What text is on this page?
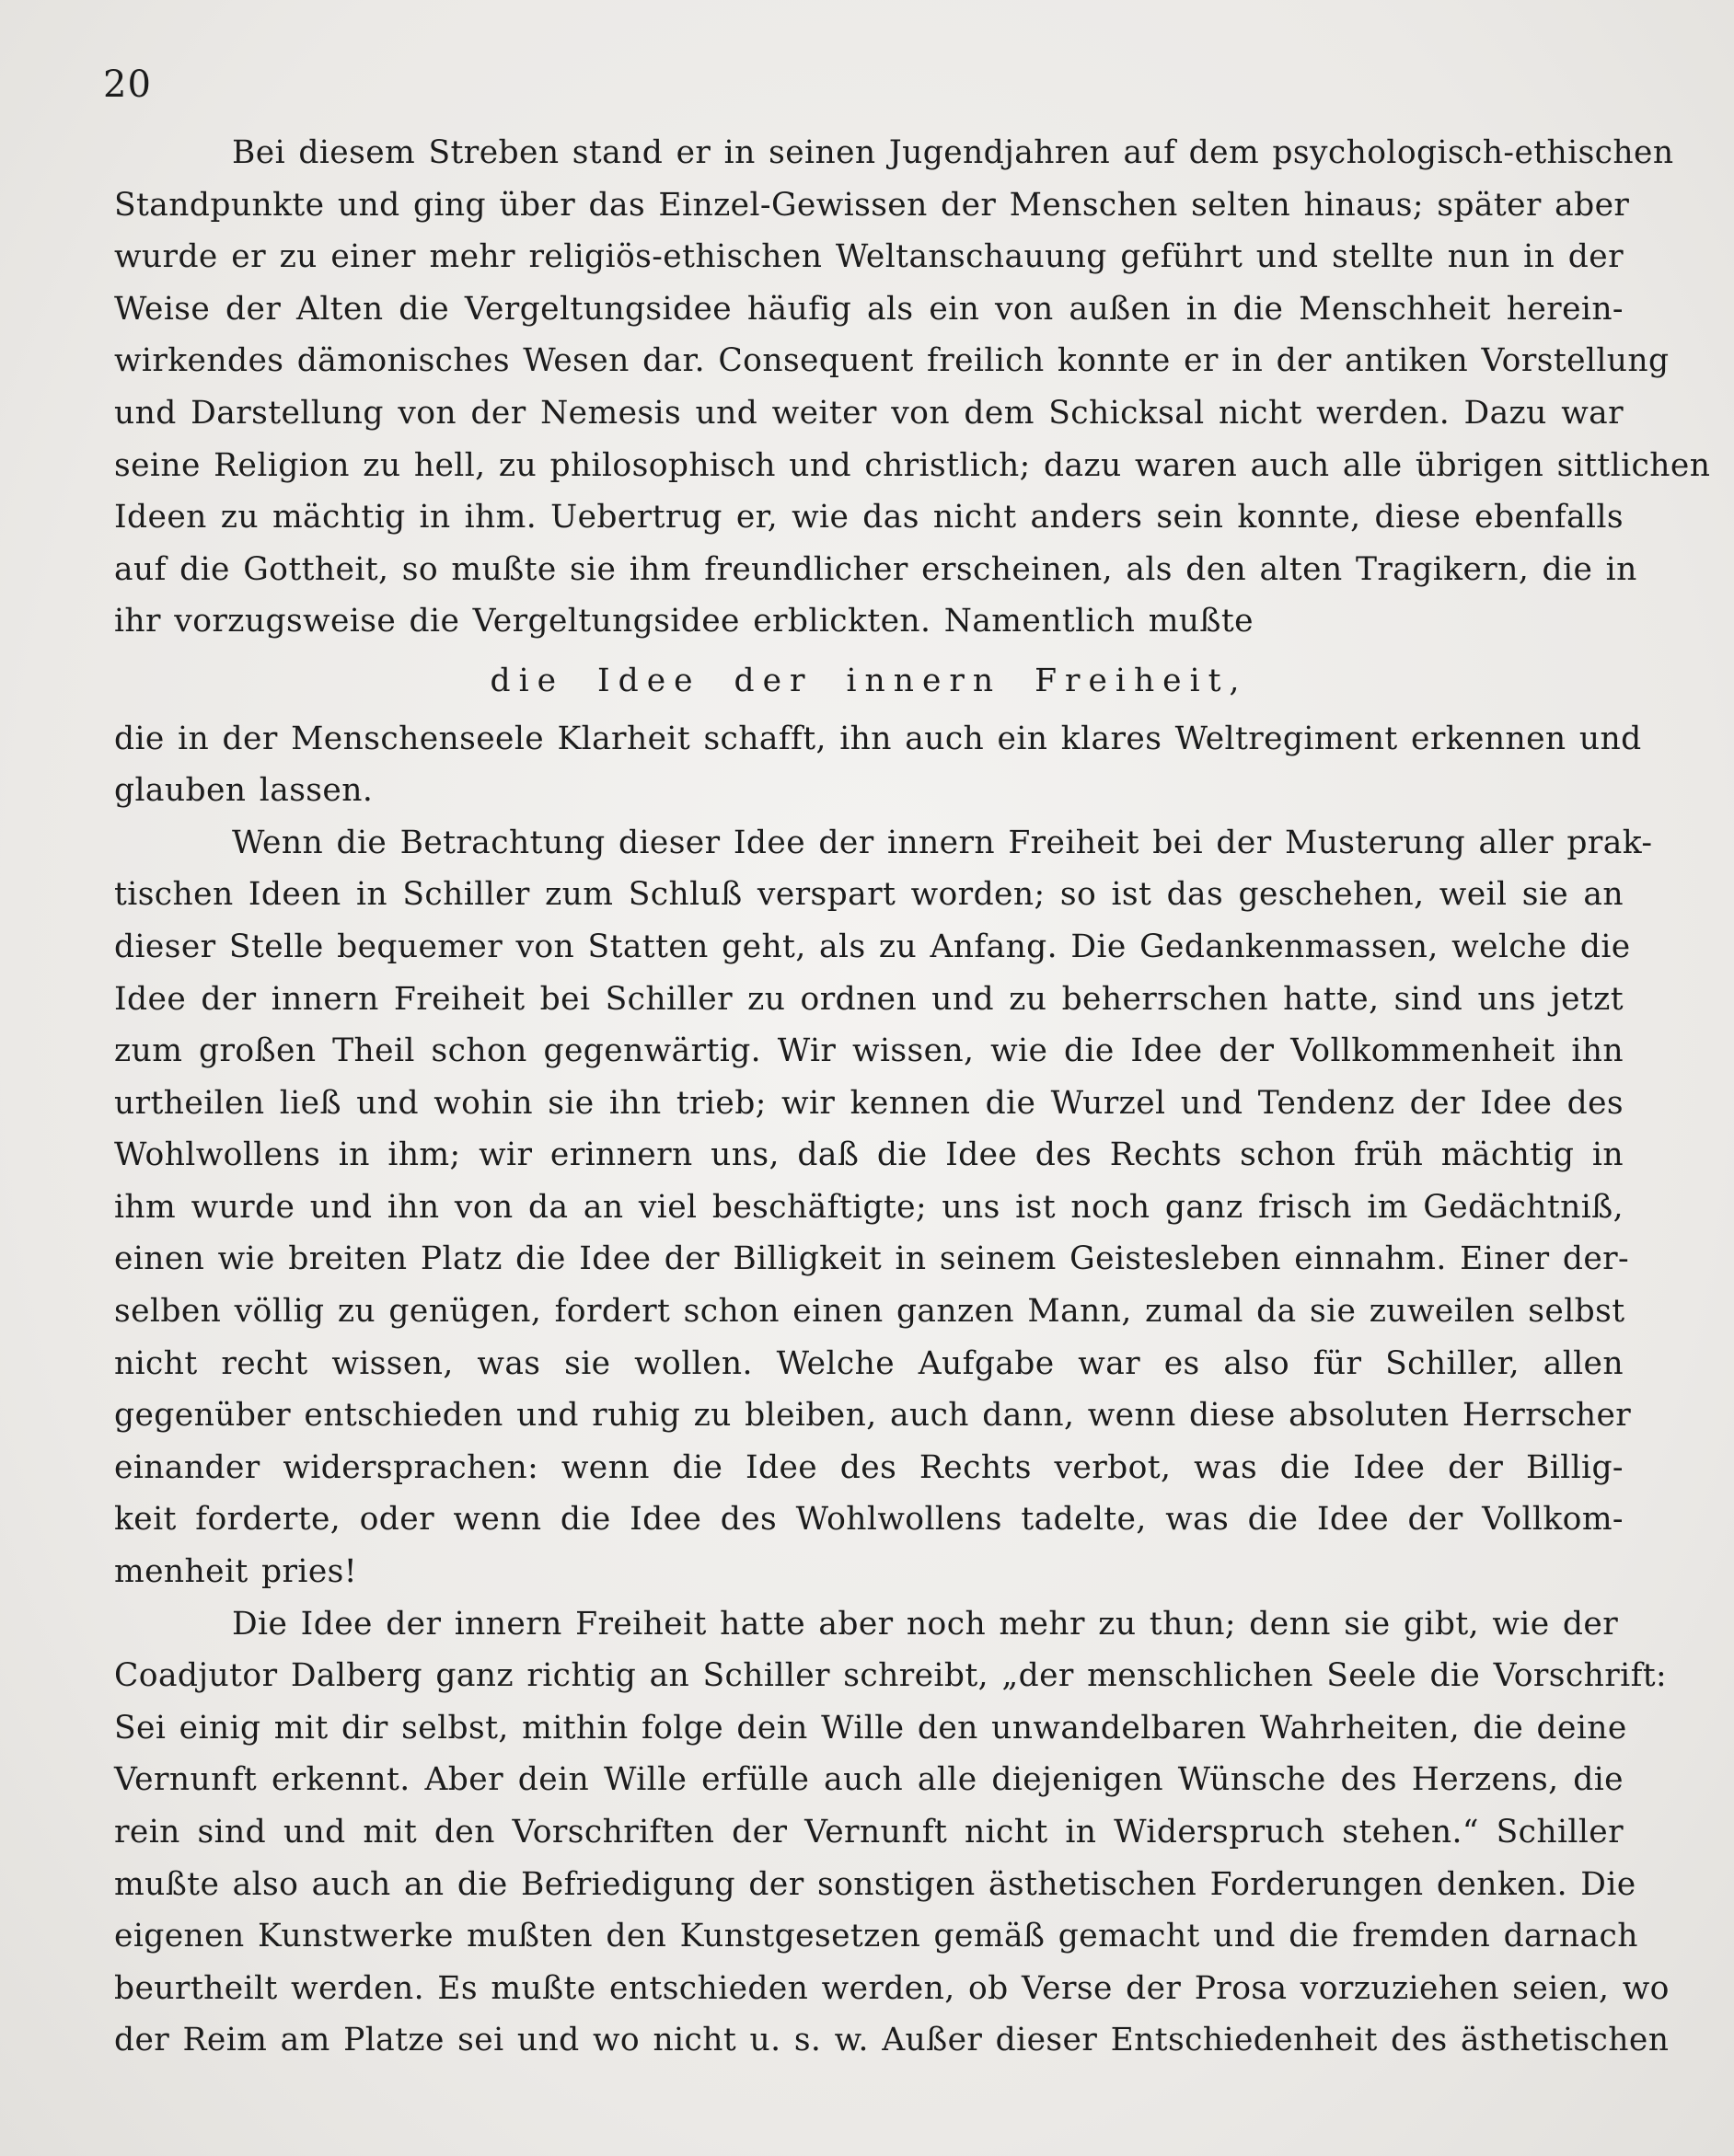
20
Bei diesem Streben stand er in seinen Jugendjahren auf dem psychologisch-ethischen
Standpunkte und ging über das Einzel-Gewissen der Menschen selten hinaus; später aber
wurde er zu einer mehr religiös-ethischen Weltanschauung geführt und stellte nun in der
Weise der Alten die Vergeltungsidee häufig als ein von außen in die Menschheit herein-
wirkendes dämonisches Wesen dar. Consequent freilich konnte er in der antiken Vorstellung
und Darstellung von der Nemesis und weiter von dem Schicksal nicht werden. Dazu war
seine Religion zu hell, zu philosophisch und christlich; dazu waren auch alle übrigen sittlichen
Ideen zu mächtig in ihm. Uebertrug er, wie das nicht anders sein konnte, diese ebenfalls
auf die Gottheit, so mußte sie ihm freundlicher erscheinen, als den alten Tragikern, die in
ihr vorzugsweise die Vergeltungsidee erblickten. Namentlich mußte
die Idee der innern Freiheit,
die in der Menschenseele Klarheit schafft, ihn auch ein klares Weltregiment erkennen und
glauben lassen.
Wenn die Betrachtung dieser Idee der innern Freiheit bei der Musterung aller prak-
tischen Ideen in Schiller zum Schluß verspart worden; so ist das geschehen, weil sie an
dieser Stelle bequemer von Statten geht, als zu Anfang. Die Gedankenmassen, welche die
Idee der innern Freiheit bei Schiller zu ordnen und zu beherrschen hatte, sind uns jetzt
zum großen Theil schon gegenwärtig. Wir wissen, wie die Idee der Vollkommenheit ihn
urtheilen ließ und wohin sie ihn trieb; wir kennen die Wurzel und Tendenz der Idee des
Wohlwollens in ihm; wir erinnern uns, daß die Idee des Rechts schon früh mächtig in
ihm wurde und ihn von da an viel beschäftigte; uns ist noch ganz frisch im Gedächtniß,
einen wie breiten Platz die Idee der Billigkeit in seinem Geistesleben einnahm. Einer der-
selben völlig zu genügen, fordert schon einen ganzen Mann, zumal da sie zuweilen selbst
nicht recht wissen, was sie wollen. Welche Aufgabe war es also für Schiller, allen
gegenüber entschieden und ruhig zu bleiben, auch dann, wenn diese absoluten Herrscher
einander widersprachen: wenn die Idee des Rechts verbot, was die Idee der Billig-
keit forderte, oder wenn die Idee des Wohlwollens tadelte, was die Idee der Vollkom-
menheit pries!
Die Idee der innern Freiheit hatte aber noch mehr zu thun; denn sie gibt, wie der
Coadjutor Dalberg ganz richtig an Schiller schreibt, „der menschlichen Seele die Vorschrift:
Sei einig mit dir selbst, mithin folge dein Wille den unwandelbaren Wahrheiten, die deine
Vernunft erkennt. Aber dein Wille erfülle auch alle diejenigen Wünsche des Herzens, die
rein sind und mit den Vorschriften der Vernunft nicht in Widerspruch stehen.“ Schiller
mußte also auch an die Befriedigung der sonstigen ästhetischen Forderungen denken. Die
eigenen Kunstwerke mußten den Kunstgesetzen gemäß gemacht und die fremden darnach
beurtheilt werden. Es mußte entschieden werden, ob Verse der Prosa vorzuziehen seien, wo
der Reim am Platze sei und wo nicht u. s. w. Außer dieser Entschiedenheit des ästhetischen
